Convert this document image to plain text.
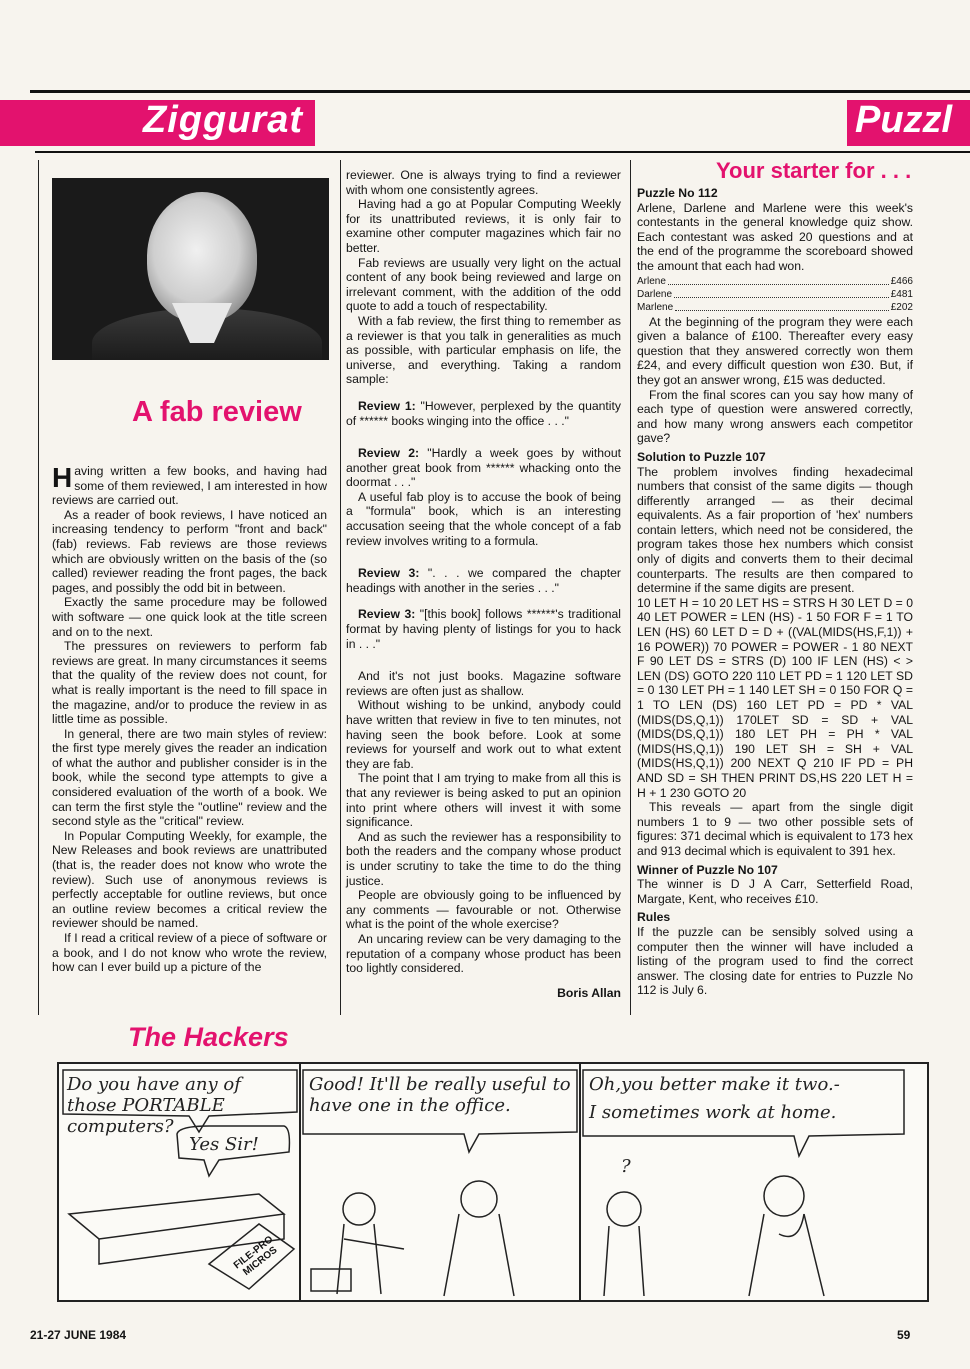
Ziggurat	Puzzl
A fab review

Having written a few books, and having had some of them reviewed, I am interested in how reviews are carried out.

As a reader of book reviews, I have noticed an increasing tendency to perform "front and back" (fab) reviews. Fab reviews are those reviews which are obviously written on the basis of the (so called) reviewer reading the front pages, the back pages, and possibly the odd bit in between.

Exactly the same procedure may be followed with software — one quick look at the title screen and on to the next.

The pressures on reviewers to perform fab reviews are great. In many circumstances it seems that the quality of the review does not count, for what is really important is the need to fill space in the magazine, and/or to produce the review in as little time as possible.

In general, there are two main styles of review: the first type merely gives the reader an indication of what the author and publisher consider is in the book, while the second type attempts to give a considered evaluation of the worth of a book. We can term the first style the "outline" review and the second style as the "critical" review.

In Popular Computing Weekly, for example, the New Releases and book reviews are unattributed (that is, the reader does not know who wrote the review). Such use of anonymous reviews is perfectly acceptable for outline reviews, but once an outline review becomes a critical review the reviewer should be named.

If I read a critical review of a piece of software or a book, and I do not know who wrote the review, how can I ever build up a picture of the

reviewer. One is always trying to find a reviewer with whom one consistently agrees.

Having had a go at Popular Computing Weekly for its unattributed reviews, it is only fair to examine other computer magazines which fair no better.

Fab reviews are usually very light on the actual content of any book being reviewed and large on irrelevant comment, with the addition of the odd quote to add a touch of respectability.

With a fab review, the first thing to remember as a reviewer is that you talk in generalities as much as possible, with particular emphasis on life, the universe, and everything. Taking a random sample:

Review 1: "However, perplexed by the quantity of ****** books winging into the office . . ."

Review 2: "Hardly a week goes by without another great book from ****** whacking onto the doormat . . ."

A useful fab ploy is to accuse the book of being a "formula" book, which is an interesting accusation seeing that the whole concept of a fab review involves writing to a formula.

Review 3: ". . . we compared the chapter headings with another in the series . . ."

Review 3: "[this book] follows ******'s traditional format by having plenty of listings for you to hack in . . ."

And it's not just books. Magazine software reviews are often just as shallow.

Without wishing to be unkind, anybody could have written that review in five to ten minutes, not having seen the book before. Look at some reviews for yourself and work out to what extent they are fab.

The point that I am trying to make from all this is that any reviewer is being asked to put an opinion into print where others will invest it with some significance.

And as such the reviewer has a responsibility to both the readers and the company whose product is under scrutiny to take the time to do the thing justice.

People are obviously going to be influenced by any comments — favourable or not. Otherwise what is the point of the whole exercise?

An uncaring review can be very damaging to the reputation of a company whose product has been too lightly considered.

Boris Allan
Your starter for . . .
Puzzle No 112

Arlene, Darlene and Marlene were this week's contestants in the general knowledge quiz show. Each contestant was asked 20 questions and at the end of the programme the scoreboard showed the amount that each had won.

Arlene	£466
Darlene	£481
Marlene	£202

At the beginning of the program they were each given a balance of £100. Thereafter every easy question that they answered correctly won them £24, and every difficult question won £30. But, if they got an answer wrong, £15 was deducted.

From the final scores can you say how many of each type of question were answered correctly, and how many wrong answers each competitor gave?

Solution to Puzzle 107

The problem involves finding hexadecimal numbers that consist of the same digits — though differently arranged — as their decimal equivalents. As a fair proportion of 'hex' numbers contain letters, which need not be considered, the program takes those hex numbers which consist only of digits and converts them to their decimal counterparts. The results are then compared to determine if the same digits are present.

10 LET H = 10 20 LET HS = STRS H 30 LET D = 0 40 LET POWER = LEN (HS) - 1 50 FOR F = 1 TO LEN (HS) 60 LET D = D + ((VAL(MIDS(HS,F,1)) + 16 POWER)) 70 POWER = POWER - 1 80 NEXT F 90 LET DS = STRS (D) 100 IF LEN (HS) < > LEN (DS) GOTO 220 110 LET PD = 1 120 LET SD = 0 130 LET PH = 1 140 LET SH = 0 150 FOR Q = 1 TO LEN (DS) 160 LET PD = PD * VAL (MIDS(DS,Q,1)) 170LET SD = SD + VAL (MIDS(DS,Q,1)) 180 LET PH = PH * VAL (MIDS(HS,Q,1)) 190 LET SH = SH + VAL (MIDS(HS,Q,1)) 200 NEXT Q 210 IF PD = PH AND SD = SH THEN PRINT DS,HS 220 LET H = H + 1 230 GOTO 20

This reveals — apart from the single digit numbers 1 to 9 — two other possible sets of figures: 371 decimal which is equivalent to 173 hex and 913 decimal which is equivalent to 391 hex.

Winner of Puzzle No 107

The winner is D J A Carr, Setterfield Road, Margate, Kent, who receives £10.

Rules

If the puzzle can be sensibly solved using a computer then the winner will have included a listing of the program used to find the correct answer. The closing date for entries to Puzzle No 112 is July 6.

The Hackers
Do you have any of those PORTABLE computers?
Yes Sir!
FILE-PRO MICROS
Good! It'll be really useful to have one in the office.
Oh,you better make it two.-
I sometimes work at home.
?
21-27 JUNE 1984	59
